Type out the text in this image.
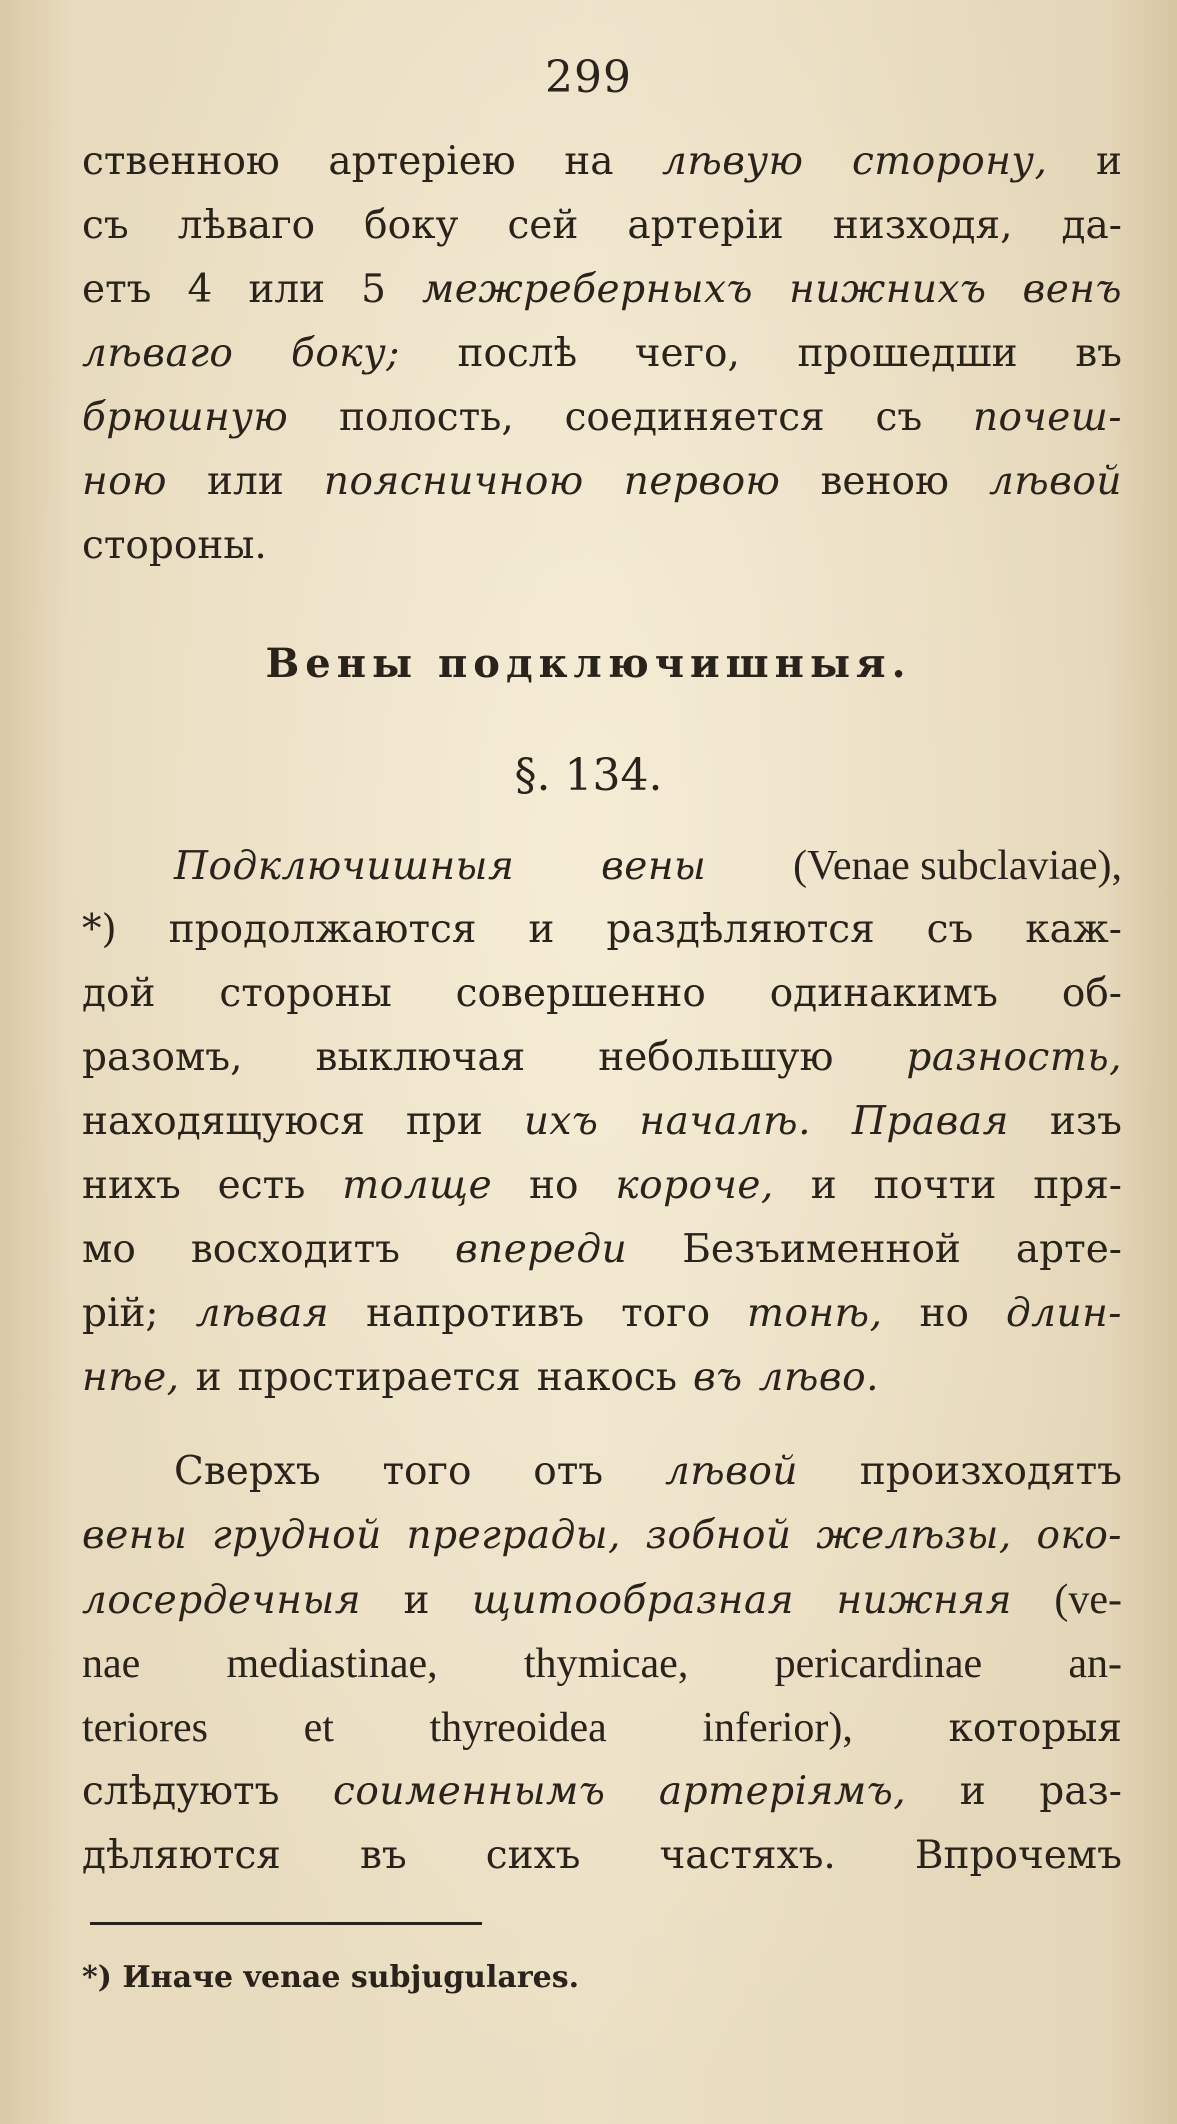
299
ственною артеріею на лѣвую сторону, и
съ лѣваго боку сей артеріи низходя, да-
етъ 4 или 5 межреберныхъ нижнихъ венъ
лѣваго боку; послѣ чего, прошедши въ
брюшную полость, соединяется съ почеш-
ною или поясничною первою веною лѣвой
стороны.
Вены подключишныя.
§. 134.
Подключишныя вены (Venae subclaviae),
*) продолжаются и раздѣляются съ каж-
дой стороны совершенно одинакимъ об-
разомъ, выключая небольшую разность,
находящуюся при ихъ началѣ. Правая изъ
нихъ есть толще но короче, и почти пря-
мо восходитъ впереди Безъименной арте-
рій; лѣвая напротивъ того тонѣ, но длин-
нѣе, и простирается накось въ лѣво.
Сверхъ того отъ лѣвой произходятъ
вены грудной преграды, зобной желѣзы, око-
лосердечныя и щитообразная нижняя (ve-
nae mediastinae, thymicae, pericardinae an-
teriores et thyreoidea inferior), которыя
слѣдуютъ соименнымъ артеріямъ, и раз-
дѣляются въ сихъ частяхъ. Впрочемъ
*) Иначе venae subjugulares.
